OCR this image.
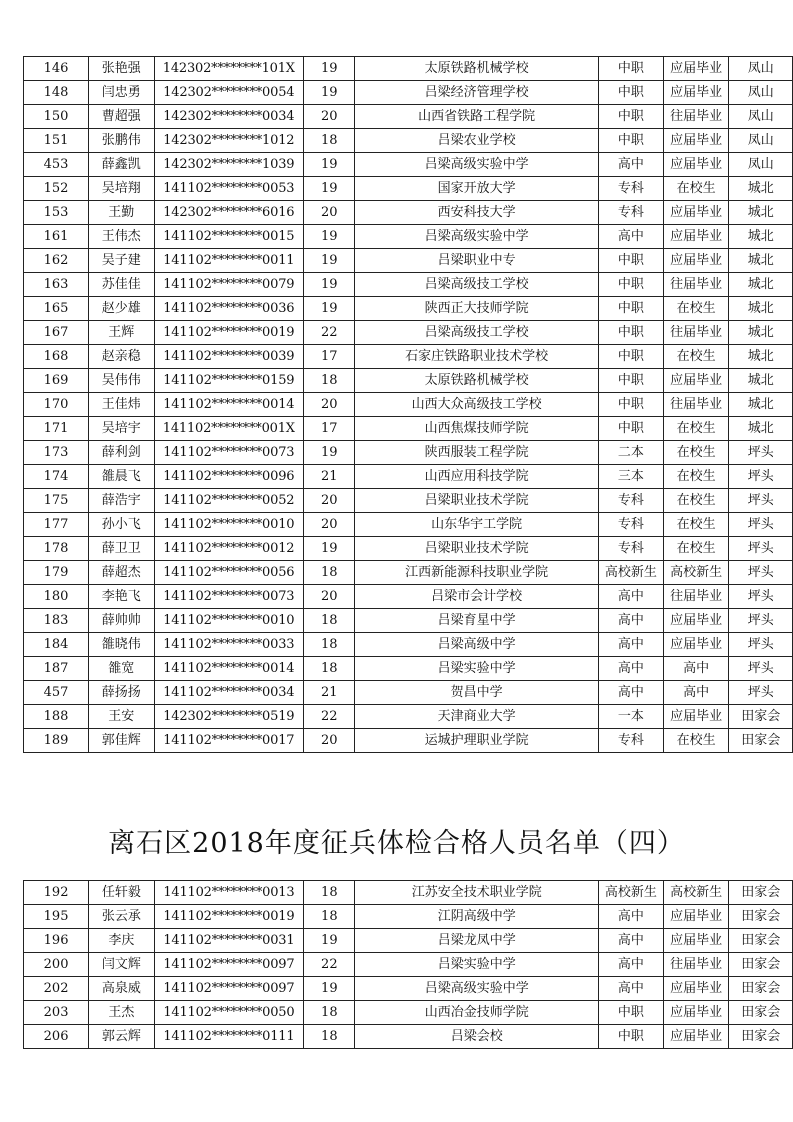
146	张艳强	142302********101X	19	太原铁路机械学校	中职	应届毕业	凤山
148	闫忠勇	142302********0054	19	吕梁经济管理学校	中职	应届毕业	凤山
150	曹超强	142302********0034	20	山西省铁路工程学院	中职	往届毕业	凤山
151	张鹏伟	142302********1012	18	吕梁农业学校	中职	应届毕业	凤山
453	薛鑫凯	142302********1039	19	吕梁高级实验中学	高中	应届毕业	凤山
152	吴培翔	141102********0053	19	国家开放大学	专科	在校生	城北
153	王勤	142302********6016	20	西安科技大学	专科	应届毕业	城北
161	王伟杰	141102********0015	19	吕梁高级实验中学	高中	应届毕业	城北
162	吴子建	141102********0011	19	吕梁职业中专	中职	应届毕业	城北
163	苏佳佳	141102********0079	19	吕梁高级技工学校	中职	往届毕业	城北
165	赵少雄	141102********0036	19	陕西正大技师学院	中职	在校生	城北
167	王辉	141102********0019	22	吕梁高级技工学校	中职	往届毕业	城北
168	赵亲稳	141102********0039	17	石家庄铁路职业技术学校	中职	在校生	城北
169	吴伟伟	141102********0159	18	太原铁路机械学校	中职	应届毕业	城北
170	王佳炜	141102********0014	20	山西大众高级技工学校	中职	往届毕业	城北
171	吴培宇	141102********001X	17	山西焦煤技师学院	中职	在校生	城北
173	薛利剑	141102********0073	19	陕西服装工程学院	二本	在校生	坪头
174	雒晨飞	141102********0096	21	山西应用科技学院	三本	在校生	坪头
175	薛浩宇	141102********0052	20	吕梁职业技术学院	专科	在校生	坪头
177	孙小飞	141102********0010	20	山东华宇工学院	专科	在校生	坪头
178	薛卫卫	141102********0012	19	吕梁职业技术学院	专科	在校生	坪头
179	薛超杰	141102********0056	18	江西新能源科技职业学院	高校新生	高校新生	坪头
180	李艳飞	141102********0073	20	吕梁市会计学校	高中	往届毕业	坪头
183	薛帅帅	141102********0010	18	吕梁育星中学	高中	应届毕业	坪头
184	雒晓伟	141102********0033	18	吕梁高级中学	高中	应届毕业	坪头
187	雒宽	141102********0014	18	吕梁实验中学	高中	高中	坪头
457	薛扬扬	141102********0034	21	贺昌中学	高中	高中	坪头
188	王安	142302********0519	22	天津商业大学	一本	应届毕业	田家会
189	郭佳辉	141102********0017	20	运城护理职业学院	专科	在校生	田家会
离石区2018年度征兵体检合格人员名单（四）
192	任轩毅	141102********0013	18	江苏安全技术职业学院	高校新生	高校新生	田家会
195	张云承	141102********0019	18	江阴高级中学	高中	应届毕业	田家会
196	李庆	141102********0031	19	吕梁龙凤中学	高中	应届毕业	田家会
200	闫文辉	141102********0097	22	吕梁实验中学	高中	往届毕业	田家会
202	高泉威	141102********0097	19	吕梁高级实验中学	高中	应届毕业	田家会
203	王杰	141102********0050	18	山西冶金技师学院	中职	应届毕业	田家会
206	郭云辉	141102********0111	18	吕梁会校	中职	应届毕业	田家会
